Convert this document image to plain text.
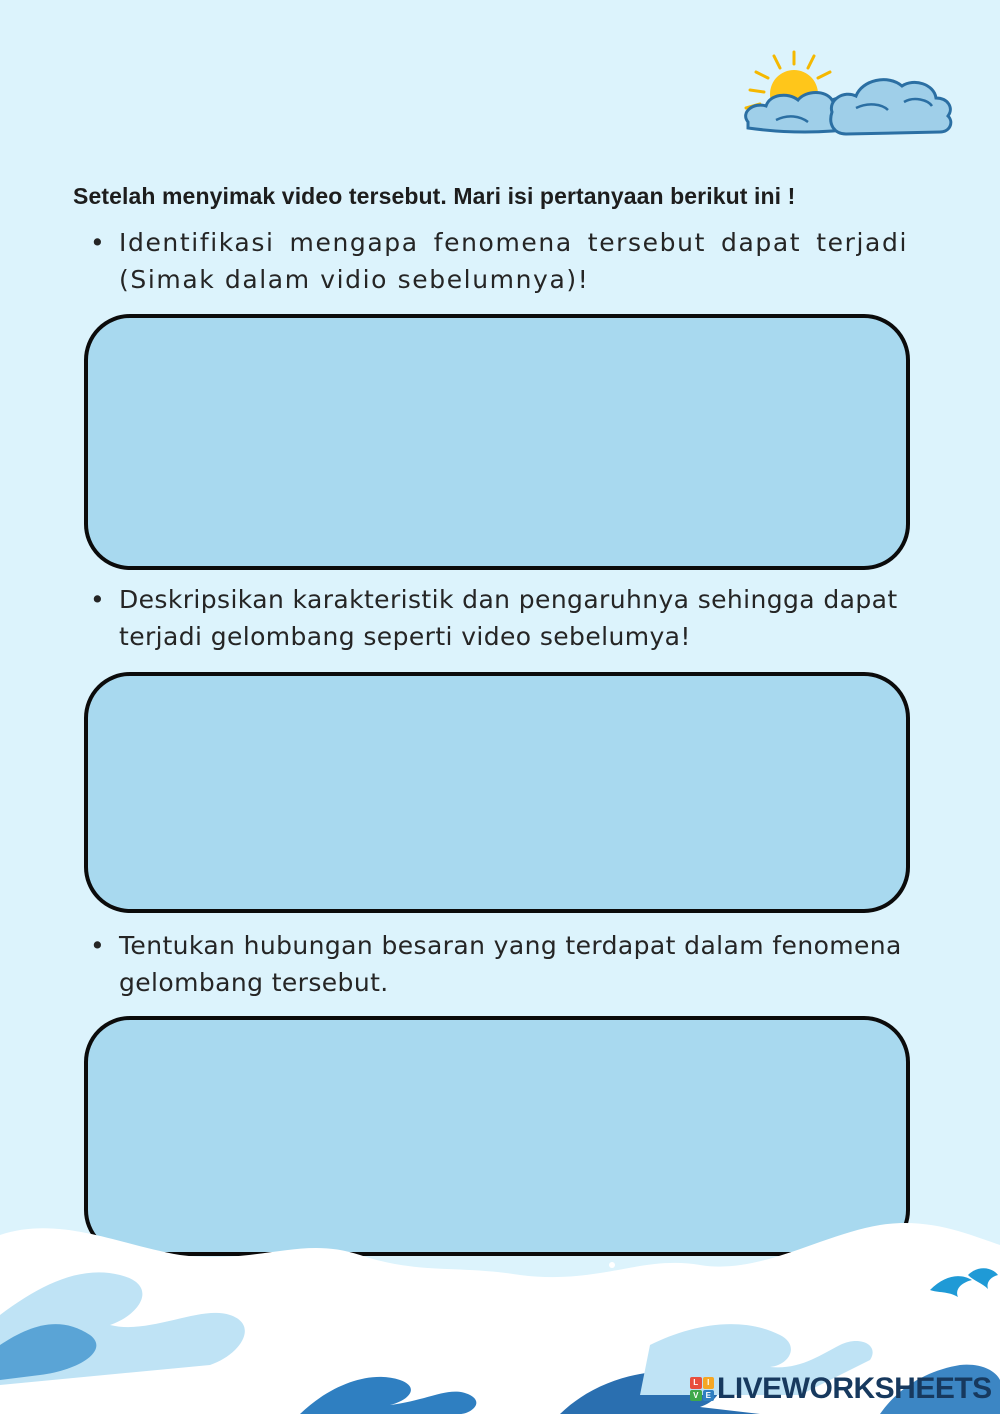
Setelah menyimak video tersebut. Mari isi pertanyaan berikut ini !
• Identifikasi mengapa fenomena tersebut dapat terjadi (Simak dalam vidio sebelumnya)!
• Deskripsikan karakteristik dan pengaruhnya sehingga dapat terjadi gelombang seperti video sebelumya!
• Tentukan hubungan besaran yang terdapat dalam fenomena gelombang tersebut.
L	I
V E LIVEWORKSHEETS
